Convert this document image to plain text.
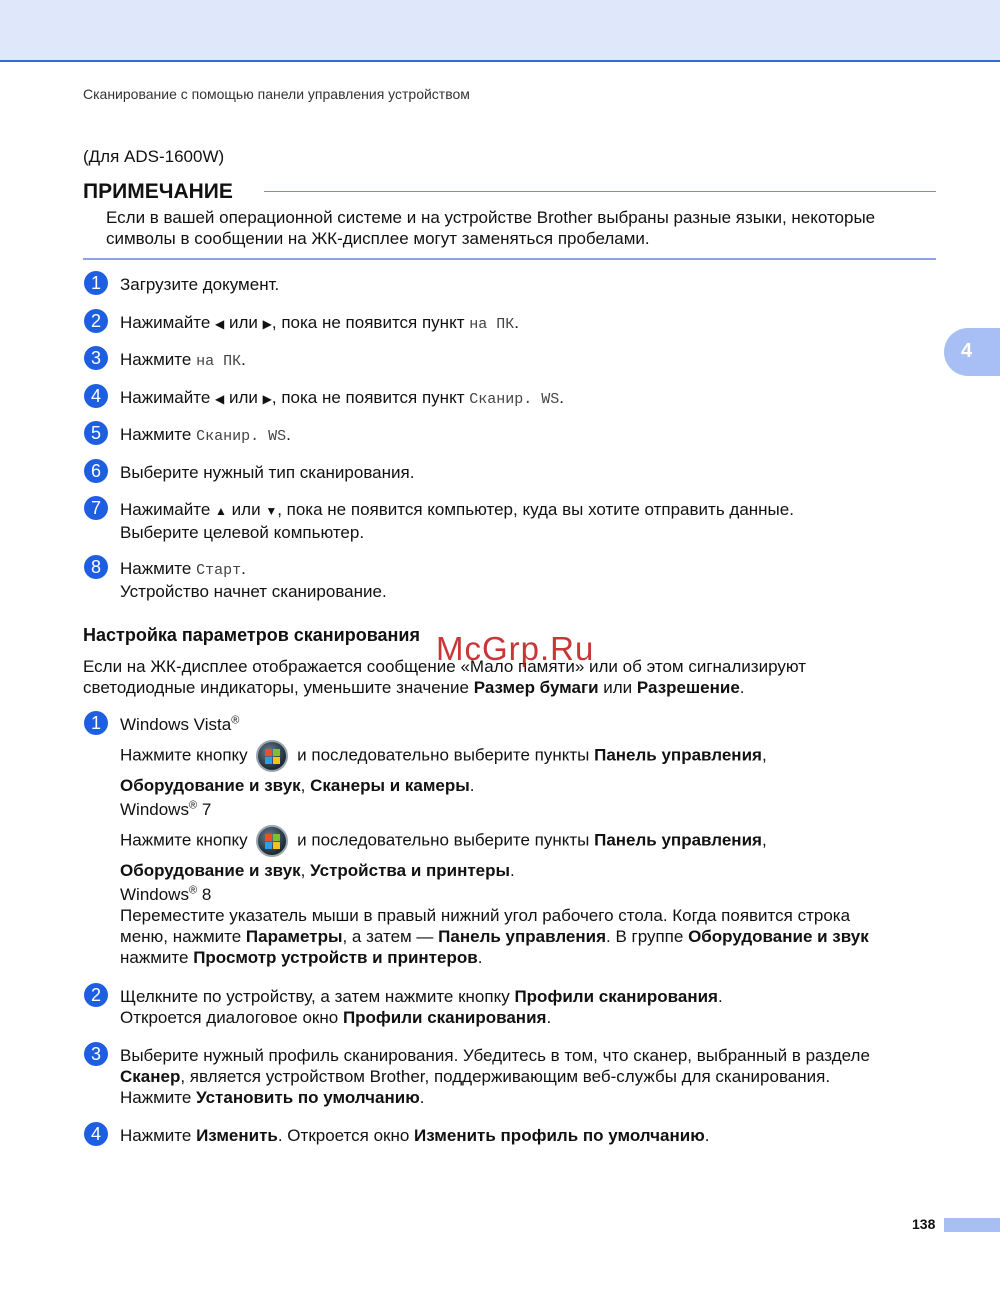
Сканирование с помощью панели управления устройством
4
(Для ADS-1600W)
ПРИМЕЧАНИЕ
Если в вашей операционной системе и на устройстве Brother выбраны разные языки, некоторые символы в сообщении на ЖК-дисплее могут заменяться пробелами.
1	Загрузите документ.
2	Нажимайте ◀ или ▶, пока не появится пункт на ПК.
3	Нажмите на ПК.
4	Нажимайте ◀ или ▶, пока не появится пункт Сканир. WS.
5	Нажмите Сканир. WS.
6	Выберите нужный тип сканирования.
7	Нажимайте ▲ или ▼, пока не появится компьютер, куда вы хотите отправить данные.
Выберите целевой компьютер.
8	Нажмите Старт.
Устройство начнет сканирование.
Настройка параметров сканирования
Если на ЖК-дисплее отображается сообщение «Мало памяти» или об этом сигнализируют
светодиодные индикаторы, уменьшите значение Размер бумаги или Разрешение.
1	Windows Vista®
Нажмите кнопку	и последовательно выберите пункты Панель управления,
Оборудование и звук, Сканеры и камеры.
Windows® 7
Нажмите кнопку	и последовательно выберите пункты Панель управления,
Оборудование и звук, Устройства и принтеры.
Windows® 8
Переместите указатель мыши в правый нижний угол рабочего стола. Когда появится строка
меню, нажмите Параметры, а затем — Панель управления. В группе Оборудование и звук
нажмите Просмотр устройств и принтеров.
2	Щелкните по устройству, а затем нажмите кнопку Профили сканирования.
Откроется диалоговое окно Профили сканирования.
3	Выберите нужный профиль сканирования. Убедитесь в том, что сканер, выбранный в разделе
Сканер, является устройством Brother, поддерживающим веб-службы для сканирования.
Нажмите Установить по умолчанию.
4	Нажмите Изменить. Откроется окно Изменить профиль по умолчанию.
McGrp.Ru
138
